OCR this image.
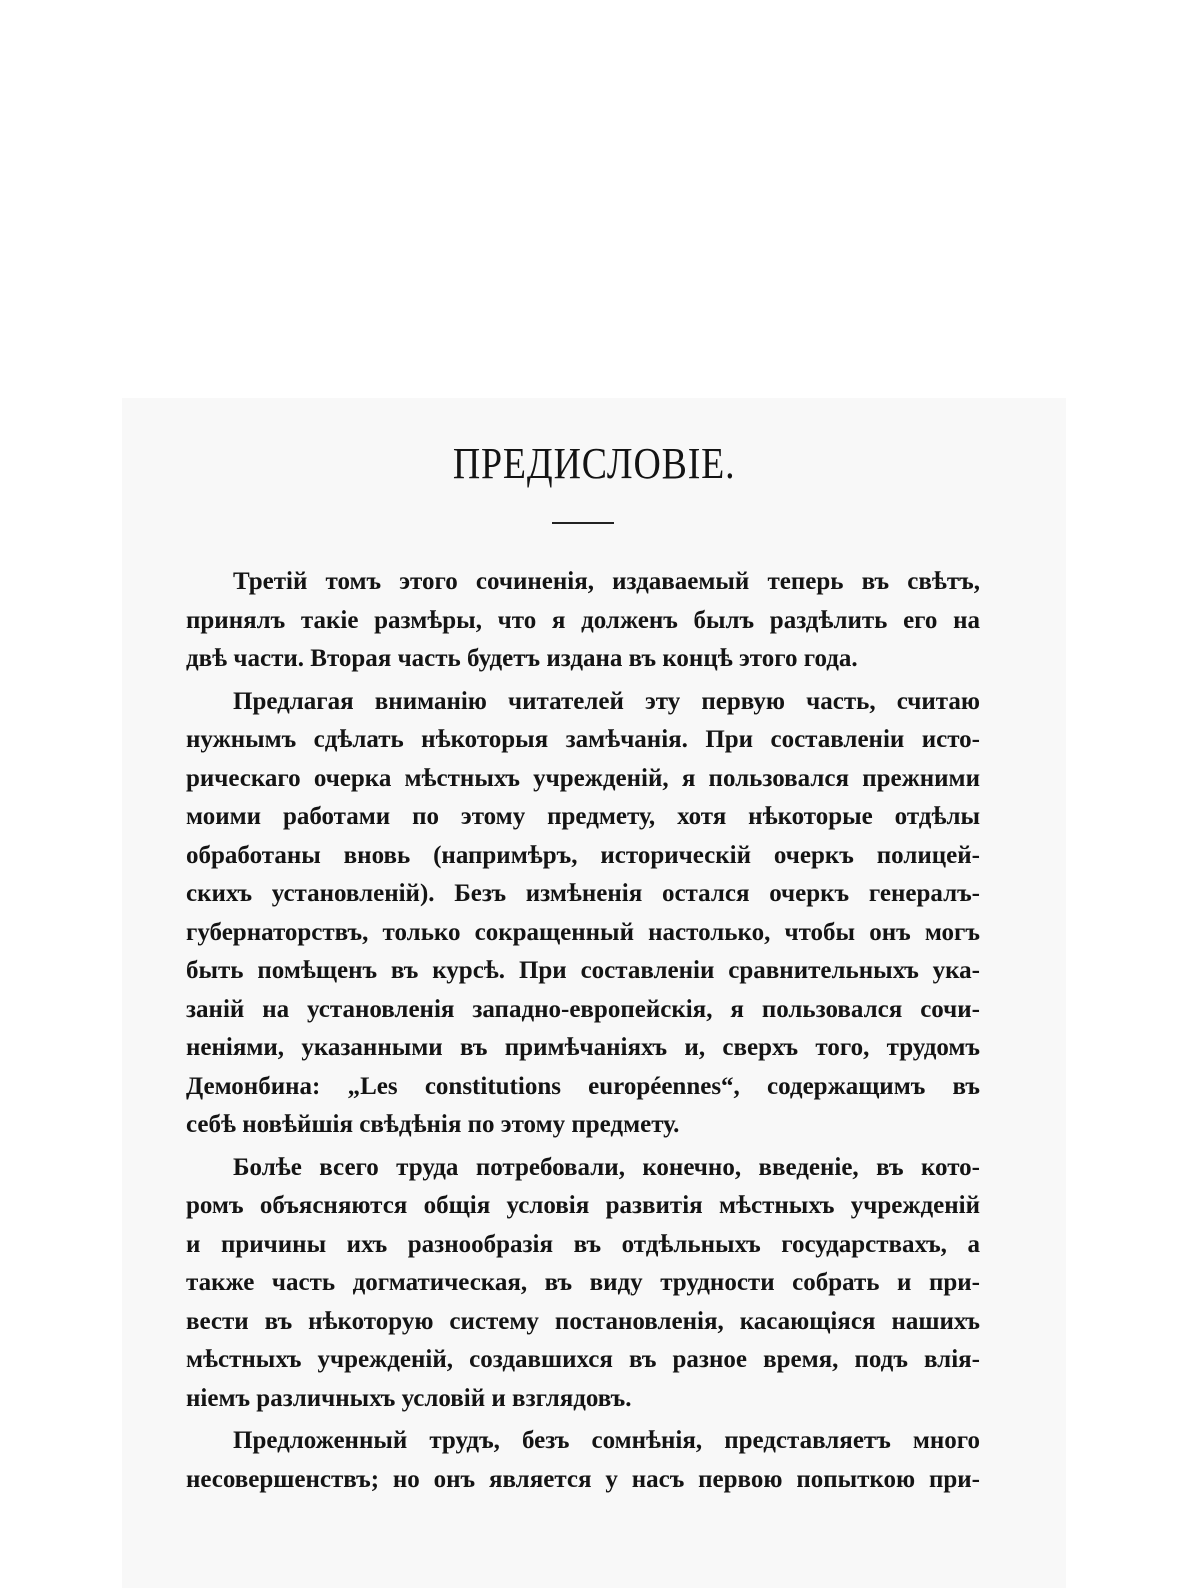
ПРЕДИСЛОВІЕ.
Третій томъ этого сочиненія, издаваемый теперь въ свѣтъ,
принялъ такіе размѣры, что я долженъ былъ раздѣлить его на
двѣ части. Вторая часть будетъ издана въ концѣ этого года.
Предлагая вниманію читателей эту первую часть, считаю
нужнымъ сдѣлать нѣкоторыя замѣчанія. При составленіи исто-
рическаго очерка мѣстныхъ учрежденій, я пользовался прежними
моими работами по этому предмету, хотя нѣкоторые отдѣлы
обработаны вновь (напримѣръ, историческій очеркъ полицей-
скихъ установленій). Безъ измѣненія остался очеркъ генералъ-
губернаторствъ, только сокращенный настолько, чтобы онъ могъ
быть помѣщенъ въ курсѣ. При составленіи сравнительныхъ ука-
заній на установленія западно-европейскія, я пользовался сочи-
неніями, указанными въ примѣчаніяхъ и, сверхъ того, трудомъ
Демонбина: „Les constitutions européennes“, содержащимъ въ
себѣ новѣйшія свѣдѣнія по этому предмету.
Болѣе всего труда потребовали, конечно, введеніе, въ кото-
ромъ объясняются общія условія развитія мѣстныхъ учрежденій
и причины ихъ разнообразія въ отдѣльныхъ государствахъ, а
также часть догматическая, въ виду трудности собрать и при-
вести въ нѣкоторую систему постановленія, касающіяся нашихъ
мѣстныхъ учрежденій, создавшихся въ разное время, подъ влія-
ніемъ различныхъ условій и взглядовъ.
Предложенный трудъ, безъ сомнѣнія, представляетъ много
несовершенствъ; но онъ является у насъ первою попыткою при-
